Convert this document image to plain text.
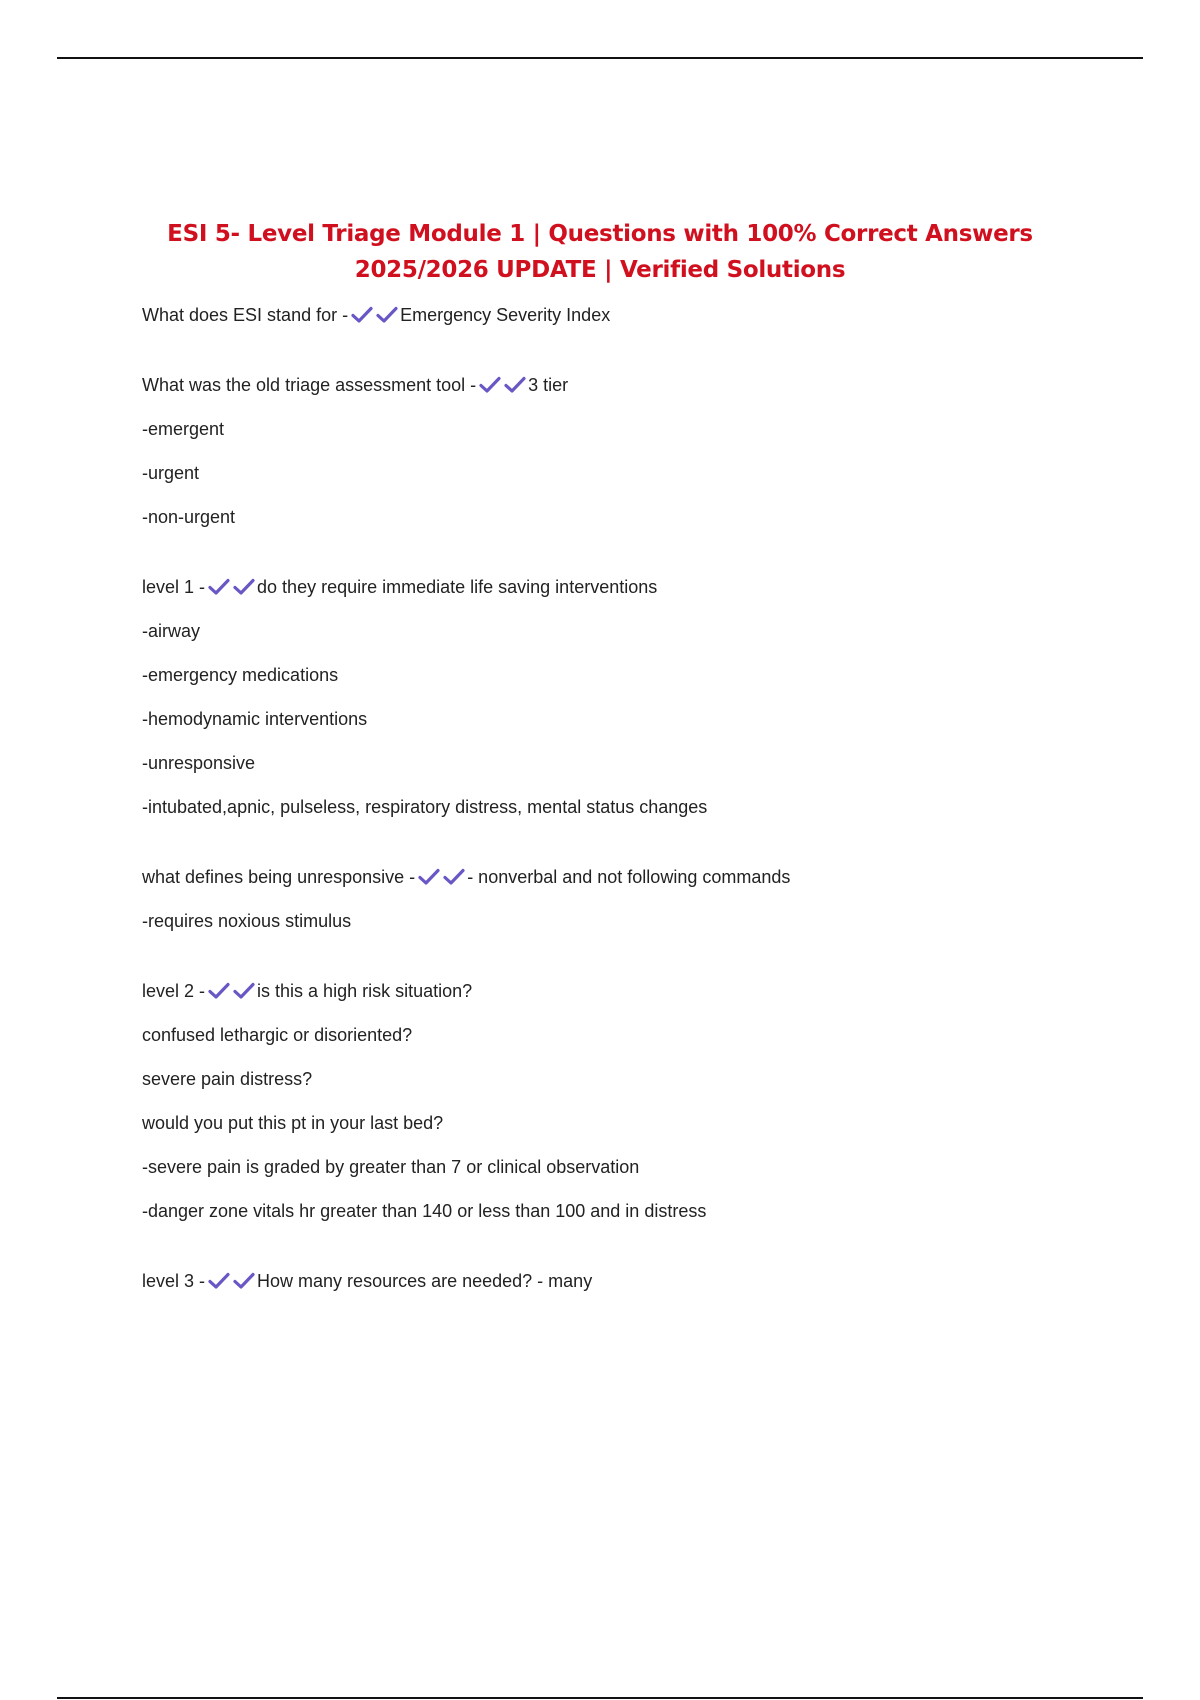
ESI 5- Level Triage Module 1 | Questions with 100% Correct Answers 2025/2026 UPDATE | Verified Solutions
What does ESI stand for -	Emergency Severity Index
What was the old triage assessment tool -	3 tier
-emergent
-urgent
-non-urgent
level 1 -	do they require immediate life saving interventions
-airway
-emergency medications
-hemodynamic interventions
-unresponsive
-intubated,apnic, pulseless, respiratory distress, mental status changes
what defines being unresponsive -	- nonverbal and not following commands
-requires noxious stimulus
level 2 -	is this a high risk situation?
confused lethargic or disoriented?
severe pain distress?
would you put this pt in your last bed?
-severe pain is graded by greater than 7 or clinical observation
-danger zone vitals hr greater than 140 or less than 100 and in distress
level 3 -	How many resources are needed? - many
